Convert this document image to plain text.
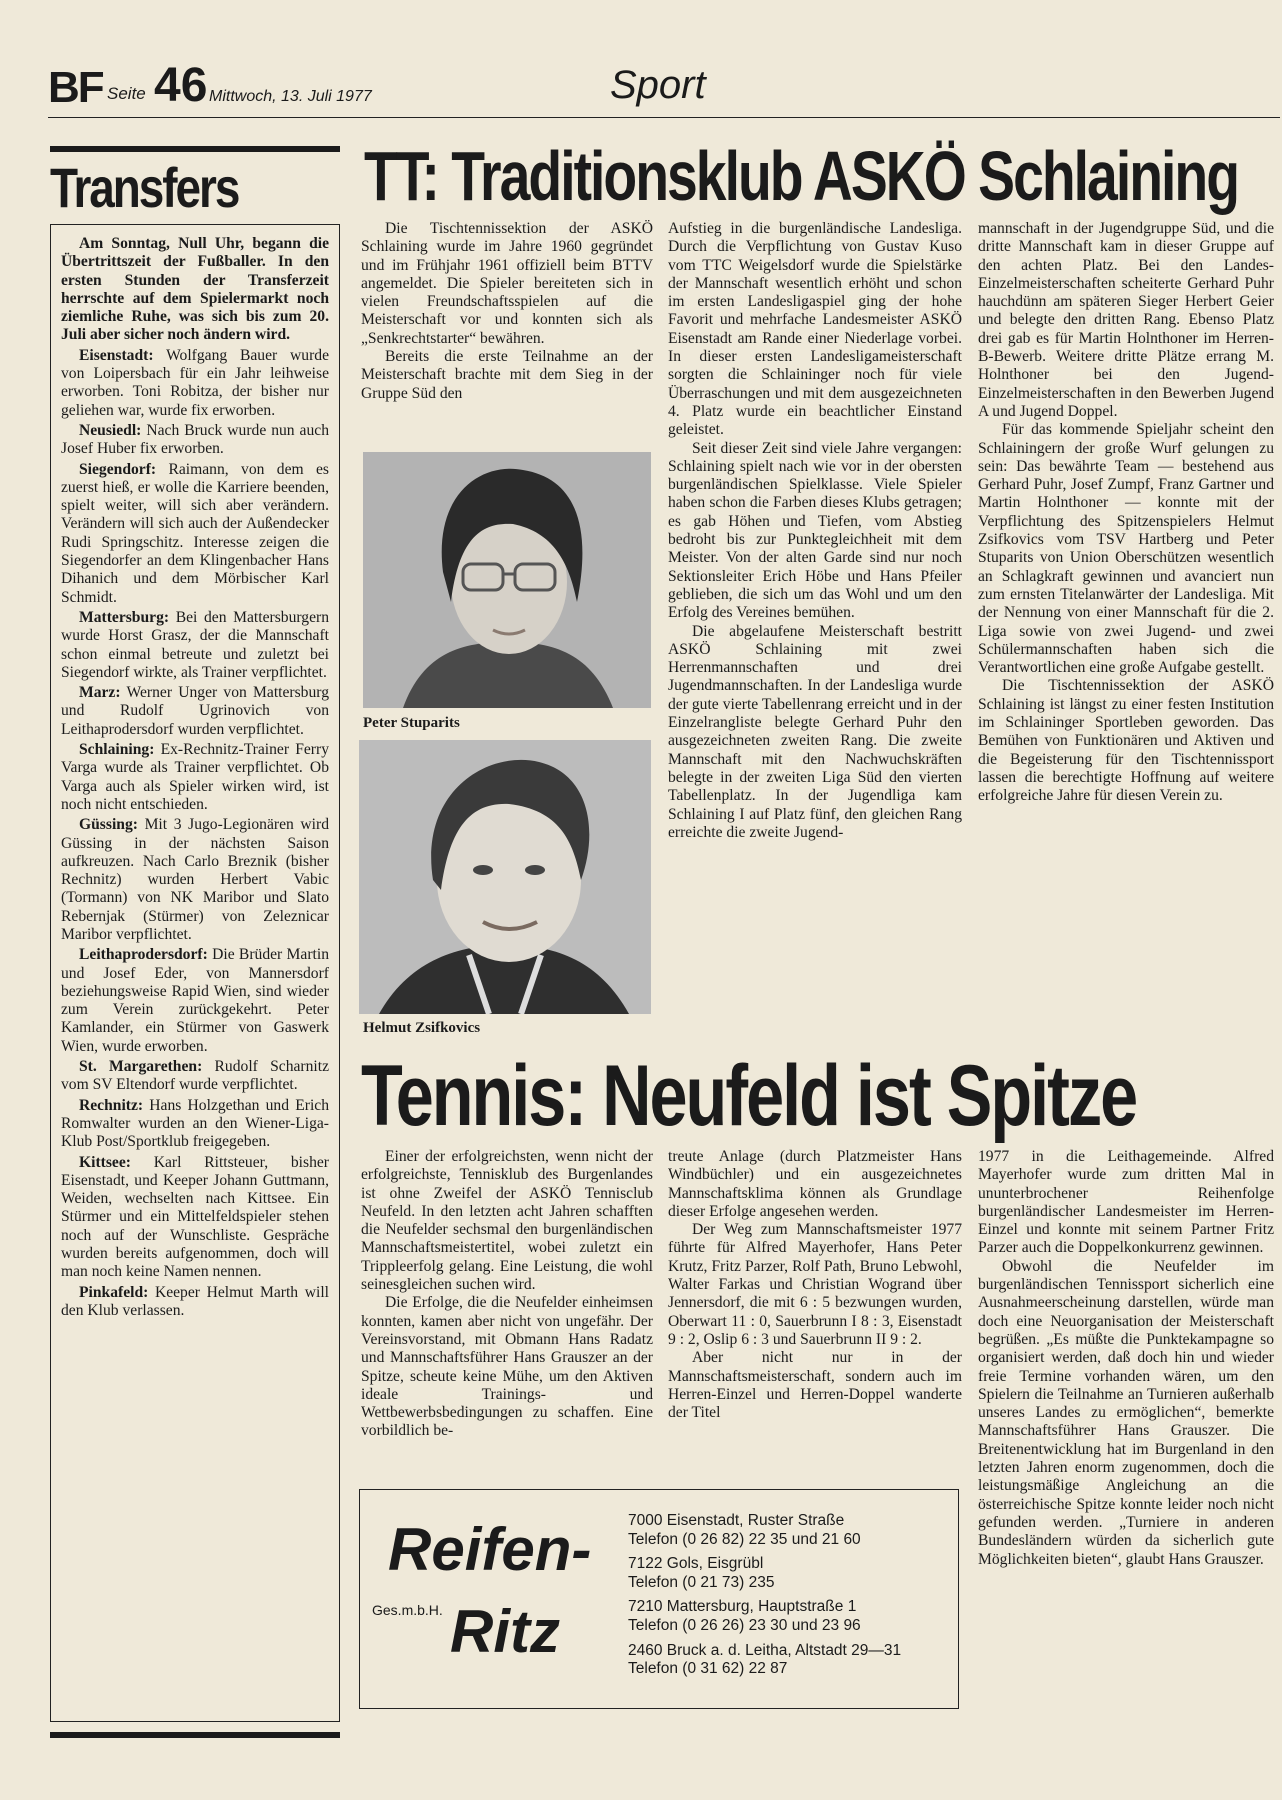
BF Seite 46 Mittwoch, 13. Juli 1977	Sport
Transfers

Am Sonntag, Null Uhr, begann die Übertrittszeit der Fußballer. In den ersten Stunden der Transferzeit herrschte auf dem Spielermarkt noch ziemliche Ruhe, was sich bis zum 20. Juli aber sicher noch ändern wird.

Eisenstadt: Wolfgang Bauer wurde von Loipersbach für ein Jahr leihweise erworben. Toni Robitza, der bisher nur geliehen war, wurde fix erworben.

Neusiedl: Nach Bruck wurde nun auch Josef Huber fix erworben.

Siegendorf: Raimann, von dem es zuerst hieß, er wolle die Karriere beenden, spielt weiter, will sich aber verändern. Verändern will sich auch der Außendecker Rudi Springschitz. Interesse zeigen die Siegendorfer an dem Klingenbacher Hans Dihanich und dem Mörbischer Karl Schmidt.

Mattersburg: Bei den Mattersburgern wurde Horst Grasz, der die Mannschaft schon einmal betreute und zuletzt bei Siegendorf wirkte, als Trainer verpflichtet.

Marz: Werner Unger von Mattersburg und Rudolf Ugrinovich von Leithaprodersdorf wurden verpflichtet.

Schlaining: Ex-Rechnitz-Trainer Ferry Varga wurde als Trainer verpflichtet. Ob Varga auch als Spieler wirken wird, ist noch nicht entschieden.

Güssing: Mit 3 Jugo-Legionären wird Güssing in der nächsten Saison aufkreuzen. Nach Carlo Breznik (bisher Rechnitz) wurden Herbert Vabic (Tormann) von NK Maribor und Slato Rebernjak (Stürmer) von Zeleznicar Maribor verpflichtet.

Leithaprodersdorf: Die Brüder Martin und Josef Eder, von Mannersdorf beziehungsweise Rapid Wien, sind wieder zum Verein zurückgekehrt. Peter Kamlander, ein Stürmer von Gaswerk Wien, wurde erworben.

St. Margarethen: Rudolf Scharnitz vom SV Eltendorf wurde verpflichtet.

Rechnitz: Hans Holzgethan und Erich Romwalter wurden an den Wiener-Liga-Klub Post/Sportklub freigegeben.

Kittsee: Karl Rittsteuer, bisher Eisenstadt, und Keeper Johann Guttmann, Weiden, wechselten nach Kittsee. Ein Stürmer und ein Mittelfeldspieler stehen noch auf der Wunschliste. Gespräche wurden bereits aufgenommen, doch will man noch keine Namen nennen.

Pinkafeld: Keeper Helmut Marth will den Klub verlassen.

TT: Traditionsklub ASKÖ Schlaining

Die Tischtennissektion der ASKÖ Schlaining wurde im Jahre 1960 gegründet und im Frühjahr 1961 offiziell beim BTTV angemeldet. Die Spieler bereiteten sich in vielen Freundschaftsspielen auf die Meisterschaft vor und konnten sich als „Senkrechtstarter“ bewähren.

Bereits die erste Teilnahme an der Meisterschaft brachte mit dem Sieg in der Gruppe Süd den

Peter Stuparits
Helmut Zsifkovics

Aufstieg in die burgenländische Landesliga. Durch die Verpflichtung von Gustav Kuso vom TTC Weigelsdorf wurde die Spielstärke der Mannschaft wesentlich erhöht und schon im ersten Landesligaspiel ging der hohe Favorit und mehrfache Landesmeister ASKÖ Eisenstadt am Rande einer Niederlage vorbei. In dieser ersten Landesligameisterschaft sorgten die Schlaininger noch für viele Überraschungen und mit dem ausgezeichneten 4. Platz wurde ein beachtlicher Einstand geleistet.

Seit dieser Zeit sind viele Jahre vergangen: Schlaining spielt nach wie vor in der obersten burgenländischen Spielklasse. Viele Spieler haben schon die Farben dieses Klubs getragen; es gab Höhen und Tiefen, vom Abstieg bedroht bis zur Punktegleichheit mit dem Meister. Von der alten Garde sind nur noch Sektionsleiter Erich Höbe und Hans Pfeiler geblieben, die sich um das Wohl und um den Erfolg des Vereines bemühen.

Die abgelaufene Meisterschaft bestritt ASKÖ Schlaining mit zwei Herrenmannschaften und drei Jugendmannschaften. In der Landesliga wurde der gute vierte Tabellenrang erreicht und in der Einzelrangliste belegte Gerhard Puhr den ausgezeichneten zweiten Rang. Die zweite Mannschaft mit den Nachwuchskräften belegte in der zweiten Liga Süd den vierten Tabellenplatz. In der Jugendliga kam Schlaining I auf Platz fünf, den gleichen Rang erreichte die zweite Jugend-

mannschaft in der Jugendgruppe Süd, und die dritte Mannschaft kam in dieser Gruppe auf den achten Platz. Bei den Landes-Einzelmeisterschaften scheiterte Gerhard Puhr hauchdünn am späteren Sieger Herbert Geier und belegte den dritten Rang. Ebenso Platz drei gab es für Martin Holnthoner im Herren-B-Bewerb. Weitere dritte Plätze errang M. Holnthoner bei den Jugend-Einzelmeisterschaften in den Bewerben Jugend A und Jugend Doppel.

Für das kommende Spieljahr scheint den Schlainingern der große Wurf gelungen zu sein: Das bewährte Team — bestehend aus Gerhard Puhr, Josef Zumpf, Franz Gartner und Martin Holnthoner — konnte mit der Verpflichtung des Spitzenspielers Helmut Zsifkovics vom TSV Hartberg und Peter Stuparits von Union Oberschützen wesentlich an Schlagkraft gewinnen und avanciert nun zum ernsten Titelanwärter der Landesliga. Mit der Nennung von einer Mannschaft für die 2. Liga sowie von zwei Jugend- und zwei Schülermannschaften haben sich die Verantwortlichen eine große Aufgabe gestellt.

Die Tischtennissektion der ASKÖ Schlaining ist längst zu einer festen Institution im Schlaininger Sportleben geworden. Das Bemühen von Funktionären und Aktiven und die Begeisterung für den Tischtennissport lassen die berechtigte Hoffnung auf weitere erfolgreiche Jahre für diesen Verein zu.

Tennis: Neufeld ist Spitze

Einer der erfolgreichsten, wenn nicht der erfolgreichste, Tennisklub des Burgenlandes ist ohne Zweifel der ASKÖ Tennisclub Neufeld. In den letzten acht Jahren schafften die Neufelder sechsmal den burgenländischen Mannschaftsmeistertitel, wobei zuletzt ein Trippleerfolg gelang. Eine Leistung, die wohl seinesgleichen suchen wird.

Die Erfolge, die die Neufelder einheimsen konnten, kamen aber nicht von ungefähr. Der Vereinsvorstand, mit Obmann Hans Radatz und Mannschaftsführer Hans Grauszer an der Spitze, scheute keine Mühe, um den Aktiven ideale Trainings- und Wettbewerbsbedingungen zu schaffen. Eine vorbildlich be-

treute Anlage (durch Platzmeister Hans Windbüchler) und ein ausgezeichnetes Mannschaftsklima können als Grundlage dieser Erfolge angesehen werden.

Der Weg zum Mannschaftsmeister 1977 führte für Alfred Mayerhofer, Hans Peter Krutz, Fritz Parzer, Rolf Path, Bruno Lebwohl, Walter Farkas und Christian Wogrand über Jennersdorf, die mit 6 : 5 bezwungen wurden, Oberwart 11 : 0, Sauerbrunn I 8 : 3, Eisenstadt 9 : 2, Oslip 6 : 3 und Sauerbrunn II 9 : 2.

Aber nicht nur in der Mannschaftsmeisterschaft, sondern auch im Herren-Einzel und Herren-Doppel wanderte der Titel

1977 in die Leithagemeinde. Alfred Mayerhofer wurde zum dritten Mal in ununterbrochener Reihenfolge burgenländischer Landesmeister im Herren-Einzel und konnte mit seinem Partner Fritz Parzer auch die Doppelkonkurrenz gewinnen.

Obwohl die Neufelder im burgenländischen Tennissport sicherlich eine Ausnahmeerscheinung darstellen, würde man doch eine Neuorganisation der Meisterschaft begrüßen. „Es müßte die Punktekampagne so organisiert werden, daß doch hin und wieder freie Termine vorhanden wären, um den Spielern die Teilnahme an Turnieren außerhalb unseres Landes zu ermöglichen“, bemerkte Mannschaftsführer Hans Grauszer. Die Breitenentwicklung hat im Burgenland in den letzten Jahren enorm zugenommen, doch die leistungsmäßige Angleichung an die österreichische Spitze konnte leider noch nicht gefunden werden. „Turniere in anderen Bundesländern würden da sicherlich gute Möglichkeiten bieten“, glaubt Hans Grauszer.

Reifen-
Ritz
Ges.m.b.H.
7000 Eisenstadt, Ruster Straße
Telefon (0 26 82) 22 35 und 21 60
7122 Gols, Eisgrübl
Telefon (0 21 73) 235
7210 Mattersburg, Hauptstraße 1
Telefon (0 26 26) 23 30 und 23 96
2460 Bruck a. d. Leitha, Altstadt 29—31
Telefon (0 31 62) 22 87
